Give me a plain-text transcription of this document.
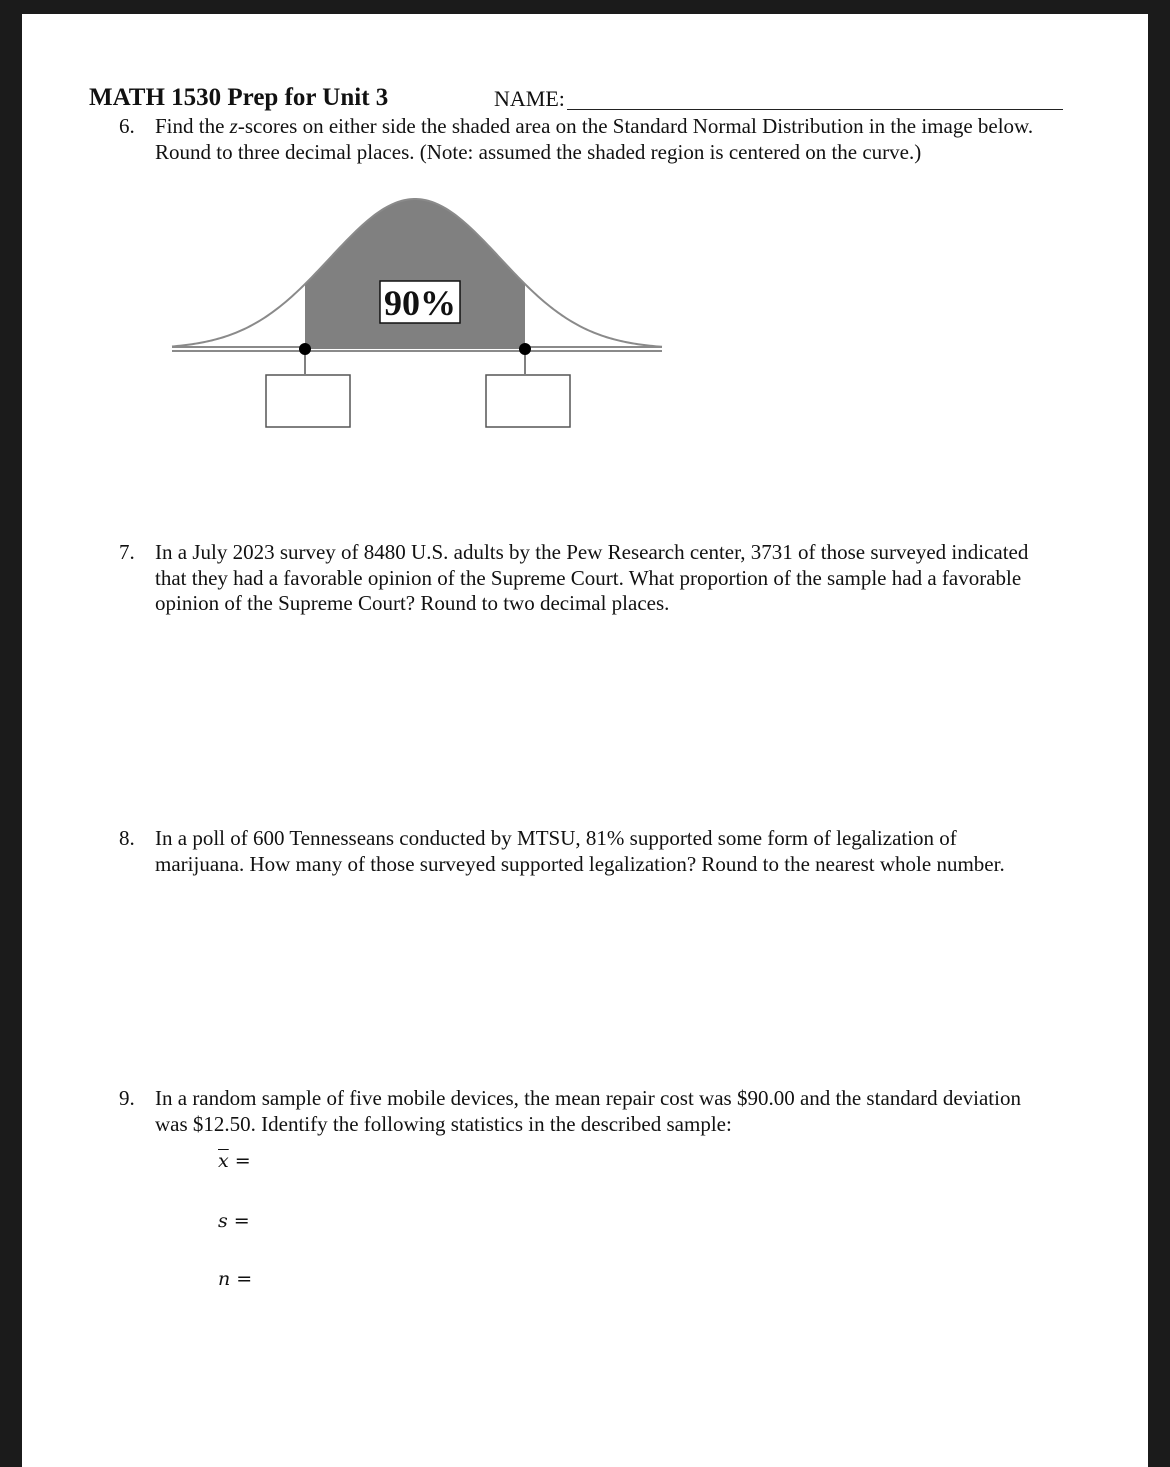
MATH 1530 Prep for Unit 3	NAME:
6. Find the z-scores on either side the shaded area on the Standard Normal Distribution in the image below.
Round to three decimal places. (Note: assumed the shaded region is centered on the curve.)
90%
7. In a July 2023 survey of 8480 U.S. adults by the Pew Research center, 3731 of those surveyed indicated
that they had a favorable opinion of the Supreme Court. What proportion of the sample had a favorable
opinion of the Supreme Court? Round to two decimal places.
8. In a poll of 600 Tennesseans conducted by MTSU, 81% supported some form of legalization of
marijuana. How many of those surveyed supported legalization? Round to the nearest whole number.
9. In a random sample of five mobile devices, the mean repair cost was $90.00 and the standard deviation
was $12.50. Identify the following statistics in the described sample:
$\overline{x}$ =
s =
n =
